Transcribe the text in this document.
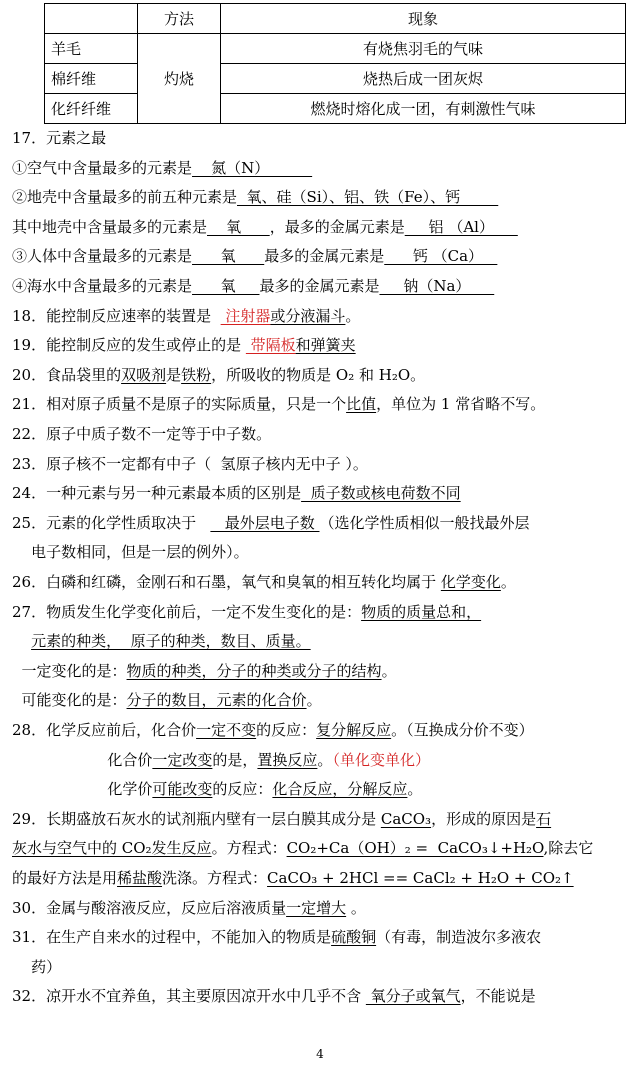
	方法	现象
羊毛	灼烧	有烧焦羽毛的气味
棉纤维		烧热后成一团灰烬
化纤纤维		燃烧时熔化成一团，有刺激性气味
17．元素之最
①空气中含量最多的元素是    氮（N）
②地壳中含量最多的前五种元素是  氧、硅（Si）、铝、铁（Fe）、钙
其中地壳中含量最多的元素是    氧      ，最多的金属元素是     铝 （Al）
③人体中含量最多的元素是      氧      最多的金属元素是      钙 （Ca）
④海水中含量最多的元素是      氧     最多的金属元素是     钠（Na）
18．能控制反应速率的装置是   注射器或分液漏斗。
19．能控制反应的发生或停止的是  带隔板和弹簧夹
20．食品袋里的双吸剂是铁粉，所吸收的物质是 O₂ 和 H₂O。
21．相对原子质量不是原子的实际质量，只是一个比值，单位为 1 常省略不写。
22．原子中质子数不一定等于中子数。
23．原子核不一定都有中子（  氢原子核内无中子 ）。
24．一种元素与另一种元素最本质的区别是  质子数或核电荷数不同
25．元素的化学性质取决于      最外层电子数 （选化学性质相似一般找最外层
电子数相同，但是一层的例外）。
26．白磷和红磷，金刚石和石墨，氧气和臭氧的相互转化均属于 化学变化。
27．物质发生化学变化前后，一定不发生变化的是：物质的质量总和，
元素的种类，  原子的种类，数目、质量。
一定变化的是：物质的种类，分子的种类或分子的结构。
可能变化的是：分子的数目，元素的化合价。
28．化学反应前后，化合价一定不变的反应：复分解反应。（互换成分价不变）
化合价一定改变的是，置换反应。（单化变单化）
化学价可能改变的反应：化合反应，分解反应。
29．长期盛放石灰水的试剂瓶内壁有一层白膜其成分是 CaCO₃，形成的原因是石
灰水与空气中的 CO₂发生反应。方程式：CO₂+Ca（OH）₂ =  CaCO₃↓+H₂O,除去它
的最好方法是用稀盐酸洗涤。方程式：CaCO₃ + 2HCl == CaCl₂ + H₂O + CO₂↑
30．金属与酸溶液反应，反应后溶液质量一定增大 。
31．在生产自来水的过程中，不能加入的物质是硫酸铜（有毒，制造波尔多液农
药）
32．凉开水不宜养鱼，其主要原因凉开水中几乎不含  氧分子或氧气，不能说是
4
